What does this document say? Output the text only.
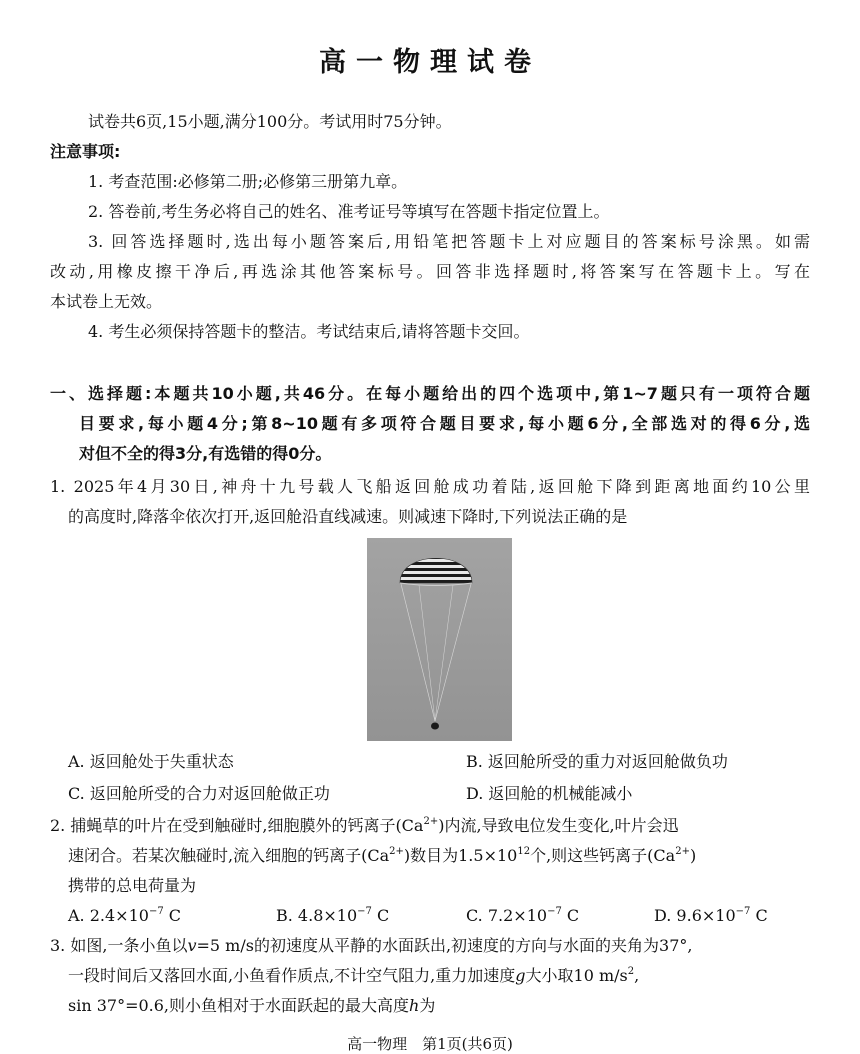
高一物理试卷
试卷共6页,15小题,满分100分。考试用时75分钟。
注意事项:
1. 考查范围:必修第二册;必修第三册第九章。
2. 答卷前,考生务必将自己的姓名、准考证号等填写在答题卡指定位置上。
3. 回答选择题时,选出每小题答案后,用铅笔把答题卡上对应题目的答案标号涂黑。如需
改动,用橡皮擦干净后,再选涂其他答案标号。回答非选择题时,将答案写在答题卡上。写在
本试卷上无效。
4. 考生必须保持答题卡的整洁。考试结束后,请将答题卡交回。
一、选择题:本题共10小题,共46分。在每小题给出的四个选项中,第1~7题只有一项符合题
目要求,每小题4分;第8~10题有多项符合题目要求,每小题6分,全部选对的得6分,选
对但不全的得3分,有选错的得0分。
1. 2025年4月30日,神舟十九号载人飞船返回舱成功着陆,返回舱下降到距离地面约10公里
的高度时,降落伞依次打开,返回舱沿直线减速。则减速下降时,下列说法正确的是
A. 返回舱处于失重状态	B. 返回舱所受的重力对返回舱做负功
C. 返回舱所受的合力对返回舱做正功	D. 返回舱的机械能减小
2. 捕蝇草的叶片在受到触碰时,细胞膜外的钙离子$(Ca^{2+})$内流,导致电位发生变化,叶片会迅
速闭合。若某次触碰时,流入细胞的钙离子$(Ca^{2+})$数目为$1.5\times 10^{12}$个,则这些钙离子$(Ca^{2+})$
携带的总电荷量为
A. $2.4\times 10^{-7}$ C	B. $4.8\times 10^{-7}$ C	C. $7.2\times 10^{-7}$ C	D. $9.6\times 10^{-7}$ C
3. 如图,一条小鱼以v=5 m/s的初速度从平静的水面跃出,初速度的方向与水面的夹角为37°,
一段时间后又落回水面,小鱼看作质点,不计空气阻力,重力加速度g大小取10 $m/s^2$,
sin 37°=0.6,则小鱼相对于水面跃起的最大高度h为
高一物理　第1页(共6页)
